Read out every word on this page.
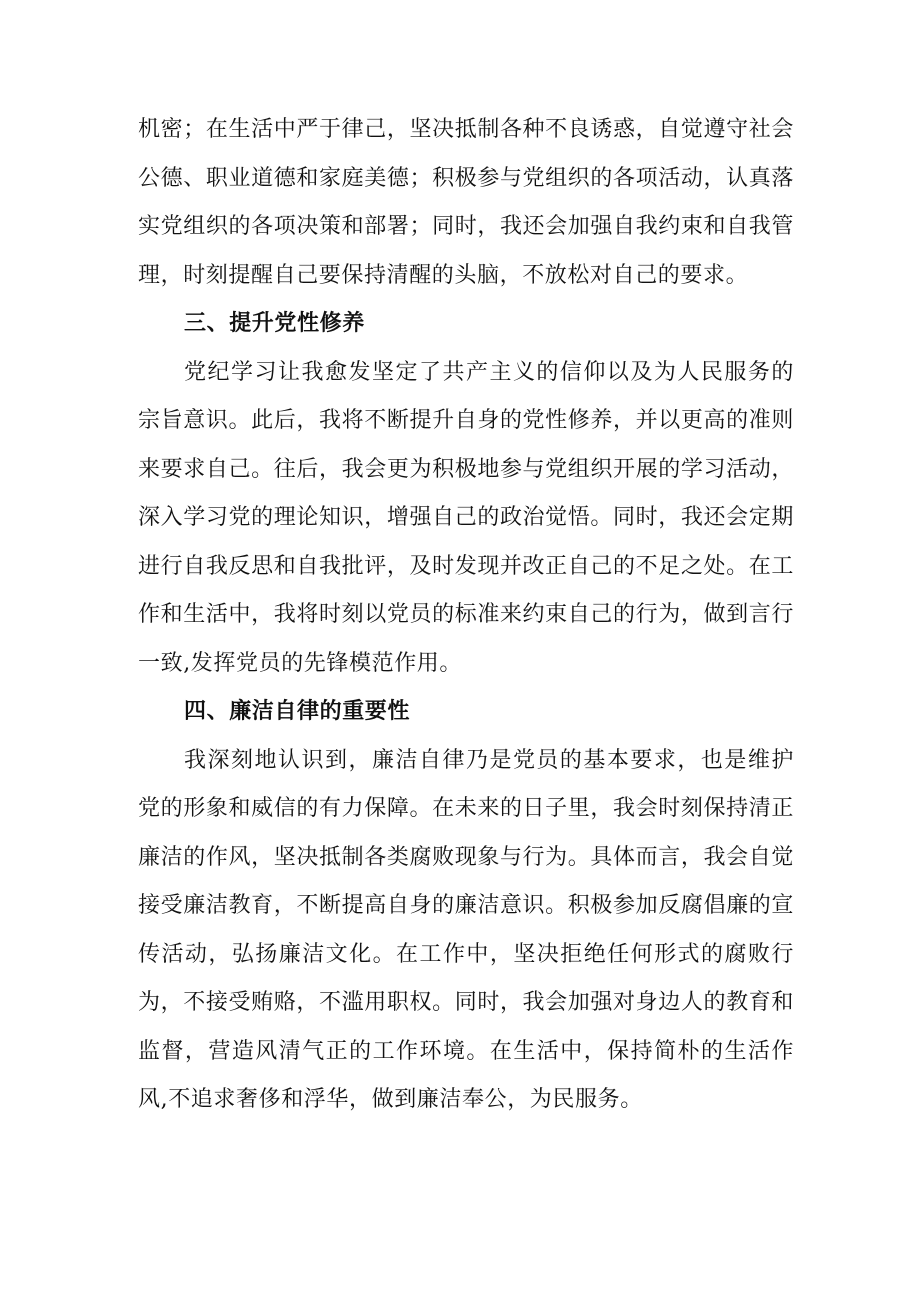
机密；在生活中严于律己，坚决抵制各种不良诱惑，自觉遵守社会公德、职业道德和家庭美德；积极参与党组织的各项活动，认真落实党组织的各项决策和部署；同时，我还会加强自我约束和自我管理，时刻提醒自己要保持清醒的头脑，不放松对自己的要求。

三、提升党性修养

党纪学习让我愈发坚定了共产主义的信仰以及为人民服务的宗旨意识。此后，我将不断提升自身的党性修养，并以更高的准则来要求自己。往后，我会更为积极地参与党组织开展的学习活动，深入学习党的理论知识，增强自己的政治觉悟。同时，我还会定期进行自我反思和自我批评，及时发现并改正自己的不足之处。在工作和生活中，我将时刻以党员的标准来约束自己的行为，做到言行一致,发挥党员的先锋模范作用。

四、廉洁自律的重要性

我深刻地认识到，廉洁自律乃是党员的基本要求，也是维护党的形象和威信的有力保障。在未来的日子里，我会时刻保持清正廉洁的作风，坚决抵制各类腐败现象与行为。具体而言，我会自觉接受廉洁教育，不断提高自身的廉洁意识。积极参加反腐倡廉的宣传活动，弘扬廉洁文化。在工作中，坚决拒绝任何形式的腐败行为，不接受贿赂，不滥用职权。同时，我会加强对身边人的教育和监督，营造风清气正的工作环境。在生活中，保持简朴的生活作风,不追求奢侈和浮华，做到廉洁奉公，为民服务。
